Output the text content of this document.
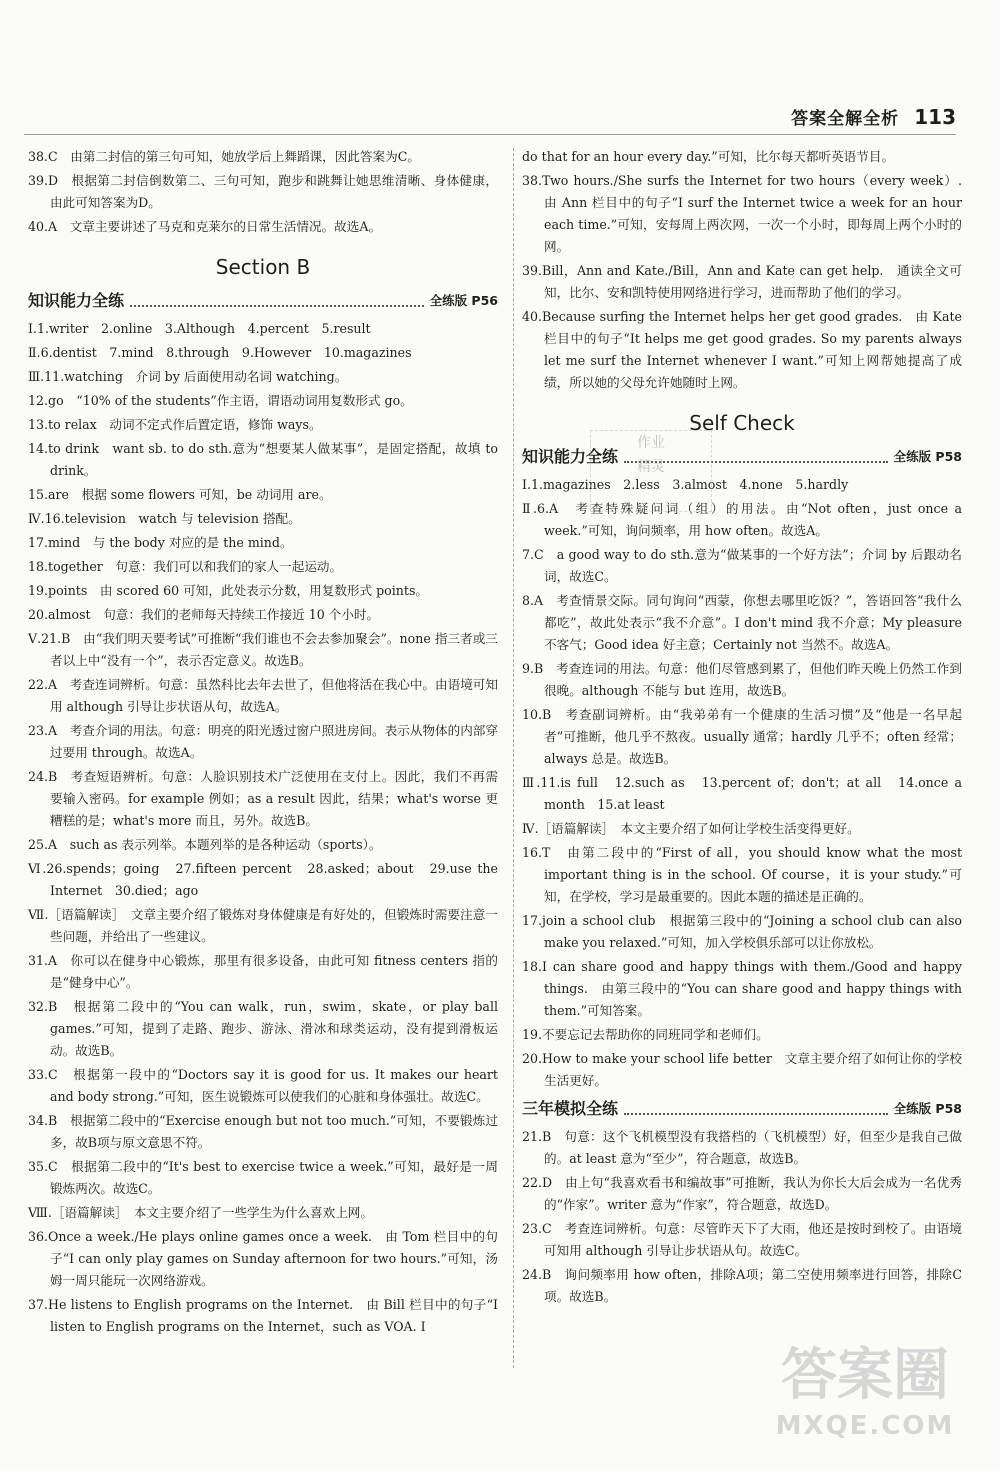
答案全解全析 113

38.C　由第二封信的第三句可知，她放学后上舞蹈课，因此答案为C。

39.D　根据第二封信倒数第二、三句可知，跑步和跳舞让她思维清晰、身体健康，由此可知答案为D。

40.A　文章主要讲述了马克和克莱尔的日常生活情况。故选A。

Section B
知识能力全练	全练版 P56

Ⅰ.1.writer　2.online　3.Although　4.percent　5.result

Ⅱ.6.dentist　7.mind　8.through　9.However　10.magazines

Ⅲ.11.watching　介词 by 后面使用动名词 watching。

12.go　“10% of the students”作主语，谓语动词用复数形式 go。

13.to relax　动词不定式作后置定语，修饰 ways。

14.to drink　want sb. to do sth.意为“想要某人做某事”，是固定搭配，故填 to drink。

15.are　根据 some flowers 可知，be 动词用 are。

Ⅳ.16.television　watch 与 television 搭配。

17.mind　与 the body 对应的是 the mind。

18.together　句意：我们可以和我们的家人一起运动。

19.points　由 scored 60 可知，此处表示分数，用复数形式 points。

20.almost　句意：我们的老师每天持续工作接近 10 个小时。

Ⅴ.21.B　由“我们明天要考试”可推断“我们谁也不会去参加聚会”。none 指三者或三者以上中“没有一个”，表示否定意义。故选B。

22.A　考查连词辨析。句意：虽然科比去年去世了，但他将活在我心中。由语境可知用 although 引导让步状语从句，故选A。

23.A　考查介词的用法。句意：明亮的阳光透过窗户照进房间。表示从物体的内部穿过要用 through。故选A。

24.B　考查短语辨析。句意：人脸识别技术广泛使用在支付上。因此，我们不再需要输入密码。for example 例如；as a result 因此，结果；what's worse 更糟糕的是；what's more 而且，另外。故选B。

25.A　such as 表示列举。本题列举的是各种运动（sports）。

Ⅵ.26.spends；going　27.fifteen percent　28.asked；about　29.use the Internet　30.died；ago

Ⅶ.［语篇解读］　文章主要介绍了锻炼对身体健康是有好处的，但锻炼时需要注意一些问题，并给出了一些建议。

31.A　你可以在健身中心锻炼，那里有很多设备，由此可知 fitness centers 指的是“健身中心”。

32.B　根据第二段中的“You can walk，run，swim，skate，or play ball games.”可知，提到了走路、跑步、游泳、滑冰和球类运动，没有提到滑板运动。故选B。

33.C　根据第一段中的“Doctors say it is good for us. It makes our heart and body strong.”可知，医生说锻炼可以使我们的心脏和身体强壮。故选C。

34.B　根据第二段中的“Exercise enough but not too much.”可知，不要锻炼过多，故B项与原文意思不符。

35.C　根据第二段中的“It's best to exercise twice a week.”可知，最好是一周锻炼两次。故选C。

Ⅷ.［语篇解读］　本文主要介绍了一些学生为什么喜欢上网。

36.Once a week./He plays online games once a week.　由 Tom 栏目中的句子“I can only play games on Sunday afternoon for two hours.”可知，汤姆一周只能玩一次网络游戏。

37.He listens to English programs on the Internet.　由 Bill 栏目中的句子“I listen to English programs on the Internet，such as VOA. I

do that for an hour every day.”可知，比尔每天都听英语节目。

38.Two hours./She surfs the Internet for two hours（every week）.　由 Ann 栏目中的句子“I surf the Internet twice a week for an hour each time.”可知，安每周上两次网，一次一个小时，即每周上两个小时的网。

39.Bill，Ann and Kate./Bill，Ann and Kate can get help.　通读全文可知，比尔、安和凯特使用网络进行学习，进而帮助了他们的学习。

40.Because surfing the Internet helps her get good grades.　由 Kate 栏目中的句子“It helps me get good grades. So my parents always let me surf the Internet whenever I want.”可知上网帮她提高了成绩，所以她的父母允许她随时上网。

Self Check
知识能力全练	全练版 P58

Ⅰ.1.magazines　2.less　3.almost　4.none　5.hardly

Ⅱ.6.A　考查特殊疑问词（组）的用法。由“Not often，just once a week.”可知，询问频率，用 how often。故选A。

7.C　a good way to do sth.意为“做某事的一个好方法”；介词 by 后跟动名词，故选C。

8.A　考查情景交际。同句询问“西蒙，你想去哪里吃饭？”，答语回答“我什么都吃”，故此处表示“我不介意”。I don't mind 我不介意；My pleasure 不客气；Good idea 好主意；Certainly not 当然不。故选A。

9.B　考查连词的用法。句意：他们尽管感到累了，但他们昨天晚上仍然工作到很晚。although 不能与 but 连用，故选B。

10.B　考查副词辨析。由“我弟弟有一个健康的生活习惯”及“他是一名早起者”可推断，他几乎不熬夜。usually 通常；hardly 几乎不；often 经常；always 总是。故选B。

Ⅲ.11.is full　12.such as　13.percent of；don't；at all　14.once a month　15.at least

Ⅳ.［语篇解读］　本文主要介绍了如何让学校生活变得更好。

16.T　由第二段中的“First of all，you should know what the most important thing is in the school. Of course，it is your study.”可知，在学校，学习是最重要的。因此本题的描述是正确的。

17.join a school club　根据第三段中的“Joining a school club can also make you relaxed.”可知，加入学校俱乐部可以让你放松。

18.I can share good and happy things with them./Good and happy things.　由第三段中的“You can share good and happy things with them.”可知答案。

19.不要忘记去帮助你的同班同学和老师们。

20.How to make your school life better　文章主要介绍了如何让你的学校生活更好。

三年模拟全练	全练版 P58

21.B　句意：这个飞机模型没有我搭档的（飞机模型）好，但至少是我自己做的。at least 意为“至少”，符合题意，故选B。

22.D　由上句“我喜欢看书和编故事”可推断，我认为你长大后会成为一名优秀的“作家”。writer 意为“作家”，符合题意，故选D。

23.C　考查连词辨析。句意：尽管昨天下了大雨，他还是按时到校了。由语境可知用 although 引导让步状语从句。故选C。

24.B　询问频率用 how often，排除A项；第二空使用频率进行回答，排除C项。故选B。

作业
精灵
答案圈
MXQE.COM
